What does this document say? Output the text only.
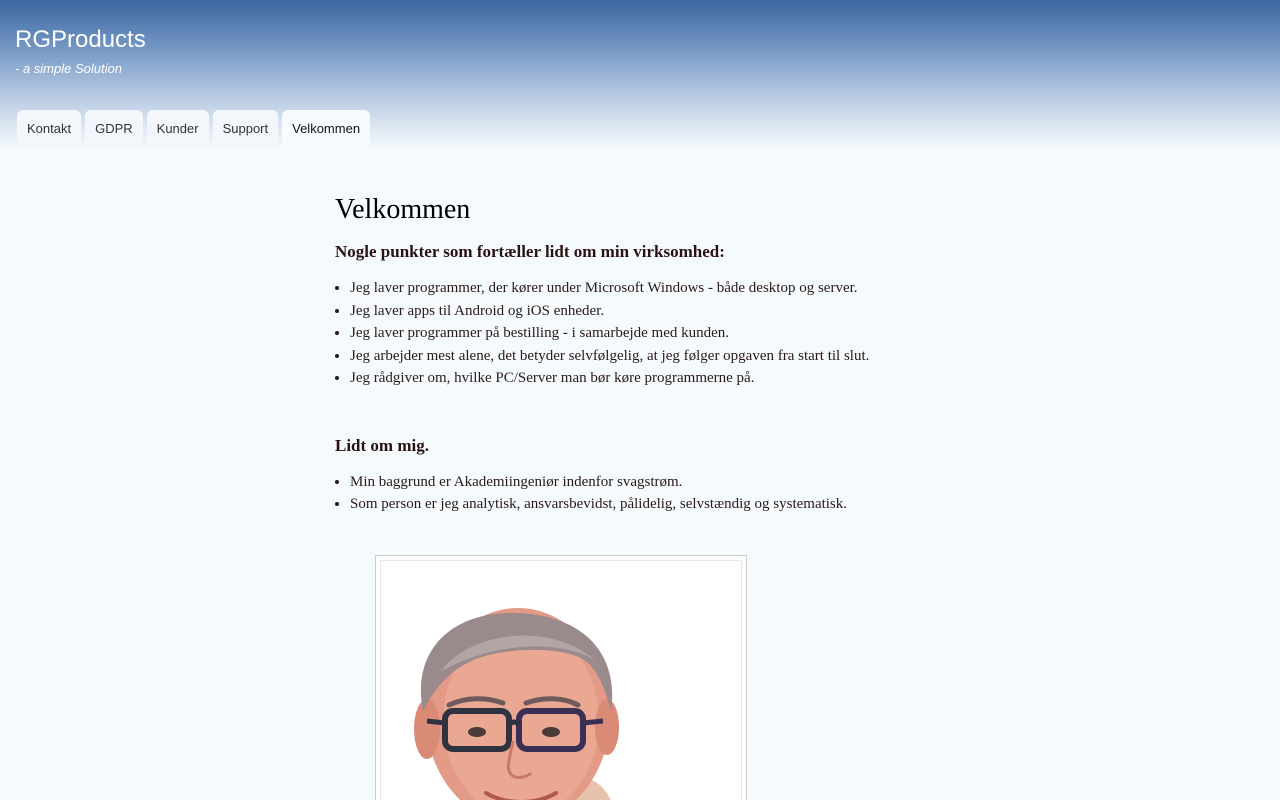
RGProducts
- a simple Solution
Kontakt	GDPR	Kunder	Support	Velkommen
Velkommen
Nogle punkter som fortæller lidt om min virksomhed:
• Jeg laver programmer, der kører under Microsoft Windows - både desktop og server.
• Jeg laver apps til Android og iOS enheder.
• Jeg laver programmer på bestilling - i samarbejde med kunden.
• Jeg arbejder mest alene, det betyder selvfølgelig, at jeg følger opgaven fra start til slut.
• Jeg rådgiver om, hvilke PC/Server man bør køre programmerne på.
Lidt om mig.
• Min baggrund er Akademiingeniør indenfor svagstrøm.
• Som person er jeg analytisk, ansvarsbevidst, pålidelig, selvstændig og systematisk.
